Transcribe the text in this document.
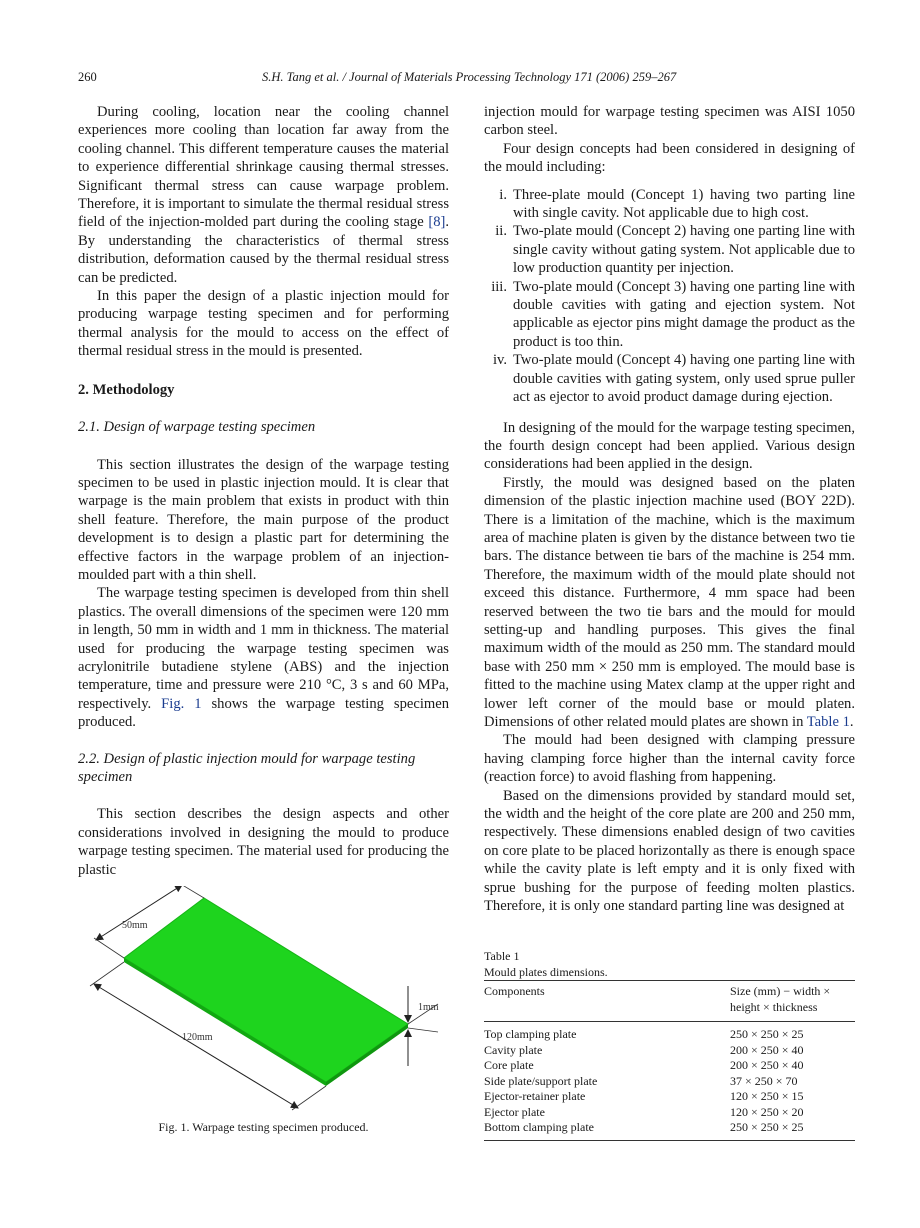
260	S.H. Tang et al. / Journal of Materials Processing Technology 171 (2006) 259–267

During cooling, location near the cooling channel experiences more cooling than location far away from the cooling channel. This different temperature causes the material to experience differential shrinkage causing thermal stresses. Significant thermal stress can cause warpage problem. Therefore, it is important to simulate the thermal residual stress field of the injection-molded part during the cooling stage [8]. By understanding the characteristics of thermal stress distribution, deformation caused by the thermal residual stress can be predicted.

In this paper the design of a plastic injection mould for producing warpage testing specimen and for performing thermal analysis for the mould to access on the effect of thermal residual stress in the mould is presented.

2. Methodology

2.1. Design of warpage testing specimen

This section illustrates the design of the warpage testing specimen to be used in plastic injection mould. It is clear that warpage is the main problem that exists in product with thin shell feature. Therefore, the main purpose of the product development is to design a plastic part for determining the effective factors in the warpage problem of an injection-moulded part with a thin shell.

The warpage testing specimen is developed from thin shell plastics. The overall dimensions of the specimen were 120 mm in length, 50 mm in width and 1 mm in thickness. The material used for producing the warpage testing specimen was acrylonitrile butadiene stylene (ABS) and the injection temperature, time and pressure were 210 °C, 3 s and 60 MPa, respectively. Fig. 1 shows the warpage testing specimen produced.

2.2. Design of plastic injection mould for warpage testing specimen

This section describes the design aspects and other considerations involved in designing the mould to produce warpage testing specimen. The material used for producing the plastic

50mm
120mm
1mm
Fig. 1. Warpage testing specimen produced.

injection mould for warpage testing specimen was AISI 1050 carbon steel.

Four design concepts had been considered in designing of the mould including:

i. Three-plate mould (Concept 1) having two parting line with single cavity. Not applicable due to high cost.
ii. Two-plate mould (Concept 2) having one parting line with single cavity without gating system. Not applicable due to low production quantity per injection.
iii. Two-plate mould (Concept 3) having one parting line with double cavities with gating and ejection system. Not applicable as ejector pins might damage the product as the product is too thin.
iv. Two-plate mould (Concept 4) having one parting line with double cavities with gating system, only used sprue puller act as ejector to avoid product damage during ejection.

In designing of the mould for the warpage testing specimen, the fourth design concept had been applied. Various design considerations had been applied in the design.

Firstly, the mould was designed based on the platen dimension of the plastic injection machine used (BOY 22D). There is a limitation of the machine, which is the maximum area of machine platen is given by the distance between two tie bars. The distance between tie bars of the machine is 254 mm. Therefore, the maximum width of the mould plate should not exceed this distance. Furthermore, 4 mm space had been reserved between the two tie bars and the mould for mould setting-up and handling purposes. This gives the final maximum width of the mould as 250 mm. The standard mould base with 250 mm × 250 mm is employed. The mould base is fitted to the machine using Matex clamp at the upper right and lower left corner of the mould base or mould platen. Dimensions of other related mould plates are shown in Table 1.

The mould had been designed with clamping pressure having clamping force higher than the internal cavity force (reaction force) to avoid flashing from happening.

Based on the dimensions provided by standard mould set, the width and the height of the core plate are 200 and 250 mm, respectively. These dimensions enabled design of two cavities on core plate to be placed horizontally as there is enough space while the cavity plate is left empty and it is only fixed with sprue bushing for the purpose of feeding molten plastics. Therefore, it is only one standard parting line was designed at

Table 1
Mould plates dimensions.
Components	Size (mm) − width ×
height × thickness

Top clamping plate	250 × 250 × 25
Cavity plate	200 × 250 × 40
Core plate	200 × 250 × 40
Side plate/support plate	37 × 250 × 70
Ejector-retainer plate	120 × 250 × 15
Ejector plate	120 × 250 × 20
Bottom clamping plate	250 × 250 × 25
